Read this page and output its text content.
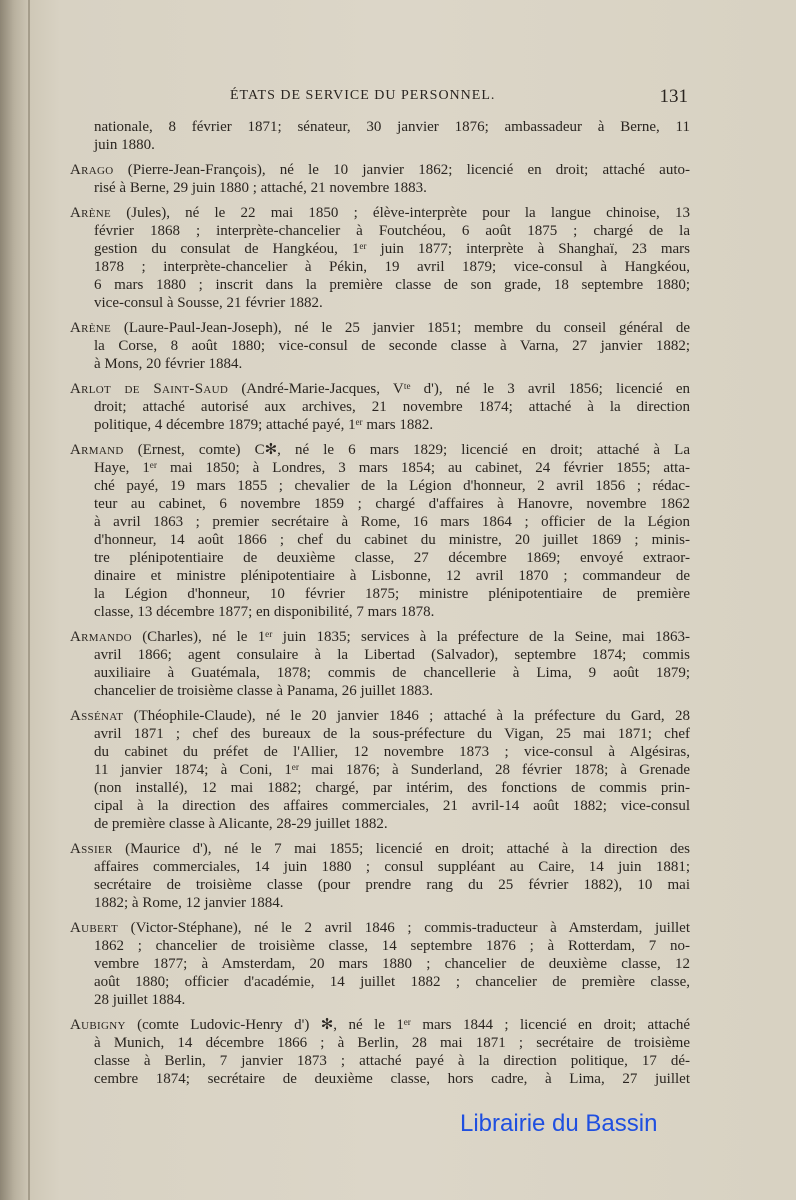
ÉTATS DE SERVICE DU PERSONNEL.	131
nationale, 8 février 1871; sénateur, 30 janvier 1876; ambassadeur à Berne, 11
juin 1880.
Arago (Pierre-Jean-François), né le 10 janvier 1862; licencié en droit; attaché auto-
risé à Berne, 29 juin 1880 ; attaché, 21 novembre 1883.
Arène (Jules), né le 22 mai 1850 ; élève-interprète pour la langue chinoise, 13
février 1868 ; interprète-chancelier à Foutchéou, 6 août 1875 ; chargé de la
gestion du consulat de Hangkéou, 1ᵉʳ juin 1877; interprète à Shanghaï, 23 mars
1878 ; interprète-chancelier à Pékin, 19 avril 1879; vice-consul à Hangkéou,
6 mars 1880 ; inscrit dans la première classe de son grade, 18 septembre 1880;
vice-consul à Sousse, 21 février 1882.
Arène (Laure-Paul-Jean-Joseph), né le 25 janvier 1851; membre du conseil général de
la Corse, 8 août 1880; vice-consul de seconde classe à Varna, 27 janvier 1882;
à Mons, 20 février 1884.
Arlot de Saint-Saud (André-Marie-Jacques, Vᵗᵉ d'), né le 3 avril 1856; licencié en
droit; attaché autorisé aux archives, 21 novembre 1874; attaché à la direction
politique, 4 décembre 1879; attaché payé, 1ᵉʳ mars 1882.
Armand (Ernest, comte) C✻, né le 6 mars 1829; licencié en droit; attaché à La
Haye, 1ᵉʳ mai 1850; à Londres, 3 mars 1854; au cabinet, 24 février 1855; atta-
ché payé, 19 mars 1855 ; chevalier de la Légion d'honneur, 2 avril 1856 ; rédac-
teur au cabinet, 6 novembre 1859 ; chargé d'affaires à Hanovre, novembre 1862
à avril 1863 ; premier secrétaire à Rome, 16 mars 1864 ; officier de la Légion
d'honneur, 14 août 1866 ; chef du cabinet du ministre, 20 juillet 1869 ; minis-
tre plénipotentiaire de deuxième classe, 27 décembre 1869; envoyé extraor-
dinaire et ministre plénipotentiaire à Lisbonne, 12 avril 1870 ; commandeur de
la Légion d'honneur, 10 février 1875; ministre plénipotentiaire de première
classe, 13 décembre 1877; en disponibilité, 7 mars 1878.
Armando (Charles), né le 1ᵉʳ juin 1835; services à la préfecture de la Seine, mai 1863-
avril 1866; agent consulaire à la Libertad (Salvador), septembre 1874; commis
auxiliaire à Guatémala, 1878; commis de chancellerie à Lima, 9 août 1879;
chancelier de troisième classe à Panama, 26 juillet 1883.
Assénat (Théophile-Claude), né le 20 janvier 1846 ; attaché à la préfecture du Gard, 28
avril 1871 ; chef des bureaux de la sous-préfecture du Vigan, 25 mai 1871; chef
du cabinet du préfet de l'Allier, 12 novembre 1873 ; vice-consul à Algésiras,
11 janvier 1874; à Coni, 1ᵉʳ mai 1876; à Sunderland, 28 février 1878; à Grenade
(non installé), 12 mai 1882; chargé, par intérim, des fonctions de commis prin-
cipal à la direction des affaires commerciales, 21 avril-14 août 1882; vice-consul
de première classe à Alicante, 28-29 juillet 1882.
Assier (Maurice d'), né le 7 mai 1855; licencié en droit; attaché à la direction des
affaires commerciales, 14 juin 1880 ; consul suppléant au Caire, 14 juin 1881;
secrétaire de troisième classe (pour prendre rang du 25 février 1882), 10 mai
1882; à Rome, 12 janvier 1884.
Aubert (Victor-Stéphane), né le 2 avril 1846 ; commis-traducteur à Amsterdam, juillet
1862 ; chancelier de troisième classe, 14 septembre 1876 ; à Rotterdam, 7 no-
vembre 1877; à Amsterdam, 20 mars 1880 ; chancelier de deuxième classe, 12
août 1880; officier d'académie, 14 juillet 1882 ; chancelier de première classe,
28 juillet 1884.
Aubigny (comte Ludovic-Henry d') ✻, né le 1ᵉʳ mars 1844 ; licencié en droit; attaché
à Munich, 14 décembre 1866 ; à Berlin, 28 mai 1871 ; secrétaire de troisième
classe à Berlin, 7 janvier 1873 ; attaché payé à la direction politique, 17 dé-
cembre 1874; secrétaire de deuxième classe, hors cadre, à Lima, 27 juillet
Librairie du Bassin
